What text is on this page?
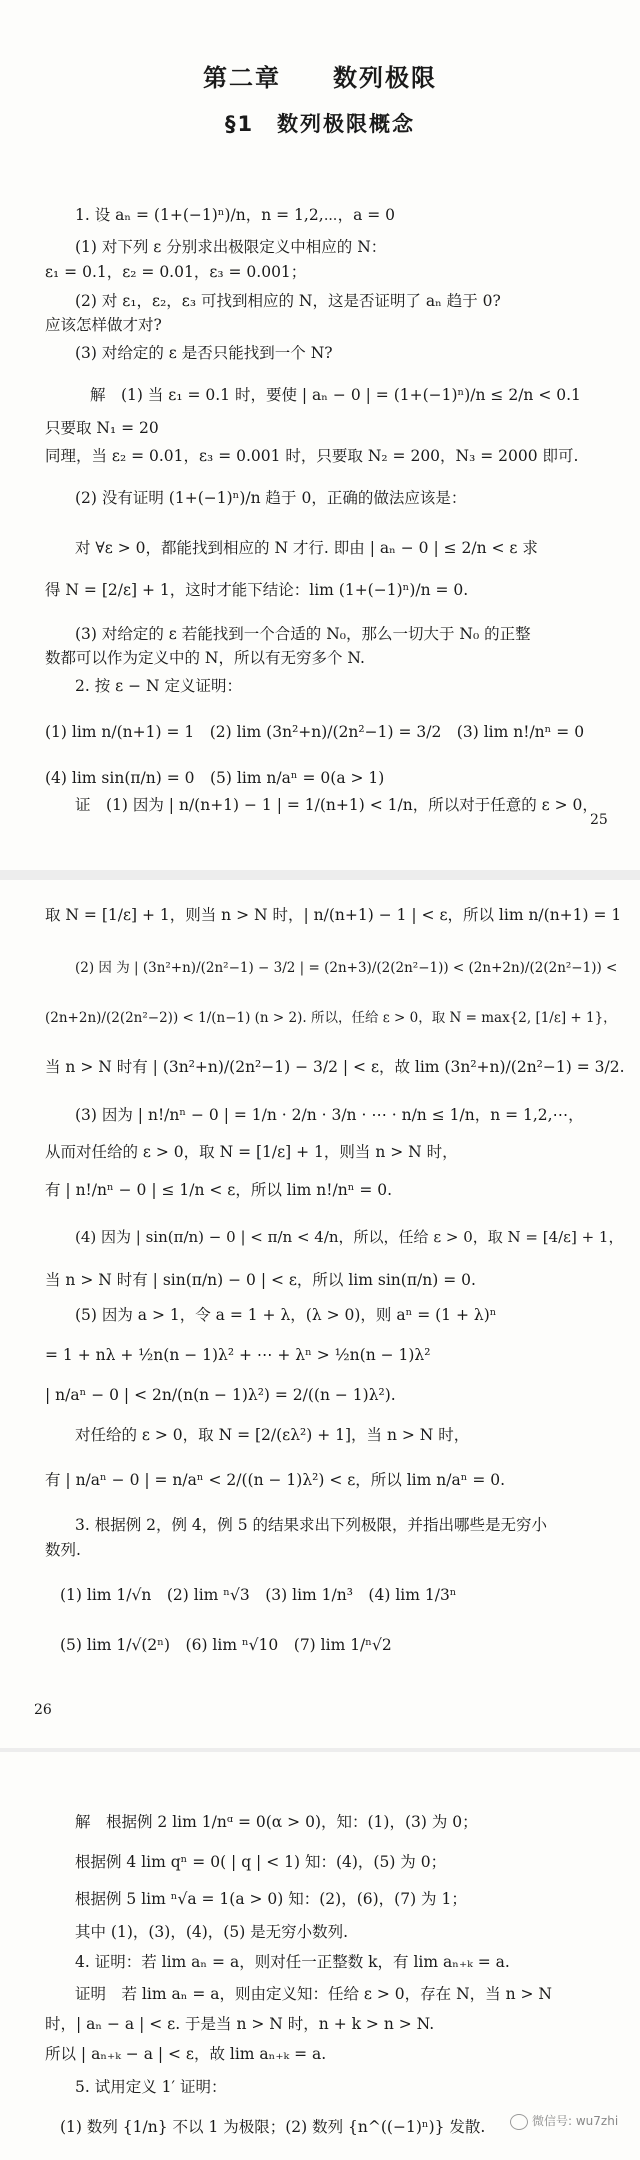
第二章　　数列极限
§1　数列极限概念
1. 设 aₙ = (1+(−1)ⁿ)/n，n = 1,2,⋯，a = 0
(1) 对下列 ε 分别求出极限定义中相应的 N：
ε₁ = 0.1，ε₂ = 0.01，ε₃ = 0.001；
(2) 对 ε₁，ε₂，ε₃ 可找到相应的 N，这是否证明了 aₙ 趋于 0?
应该怎样做才对?
(3) 对给定的 ε 是否只能找到一个 N?
解　(1) 当 ε₁ = 0.1 时，要使 | aₙ − 0 | = (1+(−1)ⁿ)/n ≤ 2/n < 0.1
只要取 N₁ = 20
同理，当 ε₂ = 0.01，ε₃ = 0.001 时，只要取 N₂ = 200，N₃ = 2000 即可.
(2) 没有证明 (1+(−1)ⁿ)/n 趋于 0，正确的做法应该是：
对 ∀ε > 0，都能找到相应的 N 才行. 即由 | aₙ − 0 | ≤ 2/n < ε 求
得 N = [2/ε] + 1，这时才能下结论：lim (1+(−1)ⁿ)/n = 0.
(3) 对给定的 ε 若能找到一个合适的 N₀，那么一切大于 N₀ 的正整
数都可以作为定义中的 N，所以有无穷多个 N.
2. 按 ε − N 定义证明：
(1) lim n/(n+1) = 1　(2) lim (3n²+n)/(2n²−1) = 3/2　(3) lim n!/nⁿ = 0
(4) lim sin(π/n) = 0　(5) lim n/aⁿ = 0(a > 1)
证　(1) 因为 | n/(n+1) − 1 | = 1/(n+1) < 1/n，所以对于任意的 ε > 0，
25
取 N = [1/ε] + 1，则当 n > N 时，| n/(n+1) − 1 | < ε，所以 lim n/(n+1) = 1
(2) 因 为 | (3n²+n)/(2n²−1) − 3/2 | = (2n+3)/(2(2n²−1)) < (2n+2n)/(2(2n²−1)) <
(2n+2n)/(2(2n²−2)) < 1/(n−1) (n > 2). 所以，任给 ε > 0，取 N = max{2, [1/ε] + 1}，
当 n > N 时有 | (3n²+n)/(2n²−1) − 3/2 | < ε，故 lim (3n²+n)/(2n²−1) = 3/2.
(3) 因为 | n!/nⁿ − 0 | = 1/n · 2/n · 3/n · ⋯ · n/n ≤ 1/n，n = 1,2,⋯，
从而对任给的 ε > 0，取 N = [1/ε] + 1，则当 n > N 时，
有 | n!/nⁿ − 0 | ≤ 1/n < ε，所以 lim n!/nⁿ = 0.
(4) 因为 | sin(π/n) − 0 | < π/n < 4/n，所以，任给 ε > 0，取 N = [4/ε] + 1，
当 n > N 时有 | sin(π/n) − 0 | < ε，所以 lim sin(π/n) = 0.
(5) 因为 a > 1，令 a = 1 + λ，(λ > 0)，则 aⁿ = (1 + λ)ⁿ
= 1 + nλ + ½n(n − 1)λ² + ⋯ + λⁿ > ½n(n − 1)λ²
| n/aⁿ − 0 | < 2n/(n(n − 1)λ²) = 2/((n − 1)λ²).
对任给的 ε > 0，取 N = [2/(ελ²) + 1]，当 n > N 时，
有 | n/aⁿ − 0 | = n/aⁿ < 2/((n − 1)λ²) < ε，所以 lim n/aⁿ = 0.
3. 根据例 2，例 4，例 5 的结果求出下列极限，并指出哪些是无穷小
数列.
(1) lim 1/√n　(2) lim ⁿ√3　(3) lim 1/n³　(4) lim 1/3ⁿ
(5) lim 1/√(2ⁿ)　(6) lim ⁿ√10　(7) lim 1/ⁿ√2
26
解　根据例 2 lim 1/nᵅ = 0(α > 0)，知：(1)，(3) 为 0；
根据例 4 lim qⁿ = 0( | q | < 1) 知：(4)，(5) 为 0；
根据例 5 lim ⁿ√a = 1(a > 0) 知：(2)，(6)，(7) 为 1；
其中 (1)，(3)，(4)，(5) 是无穷小数列.
4. 证明：若 lim aₙ = a，则对任一正整数 k，有 lim aₙ₊ₖ = a.
证明　若 lim aₙ = a，则由定义知：任给 ε > 0，存在 N，当 n > N
时，| aₙ − a | < ε. 于是当 n > N 时，n + k > n > N.
所以 | aₙ₊ₖ − a | < ε，故 lim aₙ₊ₖ = a.
5. 试用定义 1′ 证明：
(1) 数列 {1/n} 不以 1 为极限；(2) 数列 {n^((−1)ⁿ)} 发散.	微信号: wu7zhi
